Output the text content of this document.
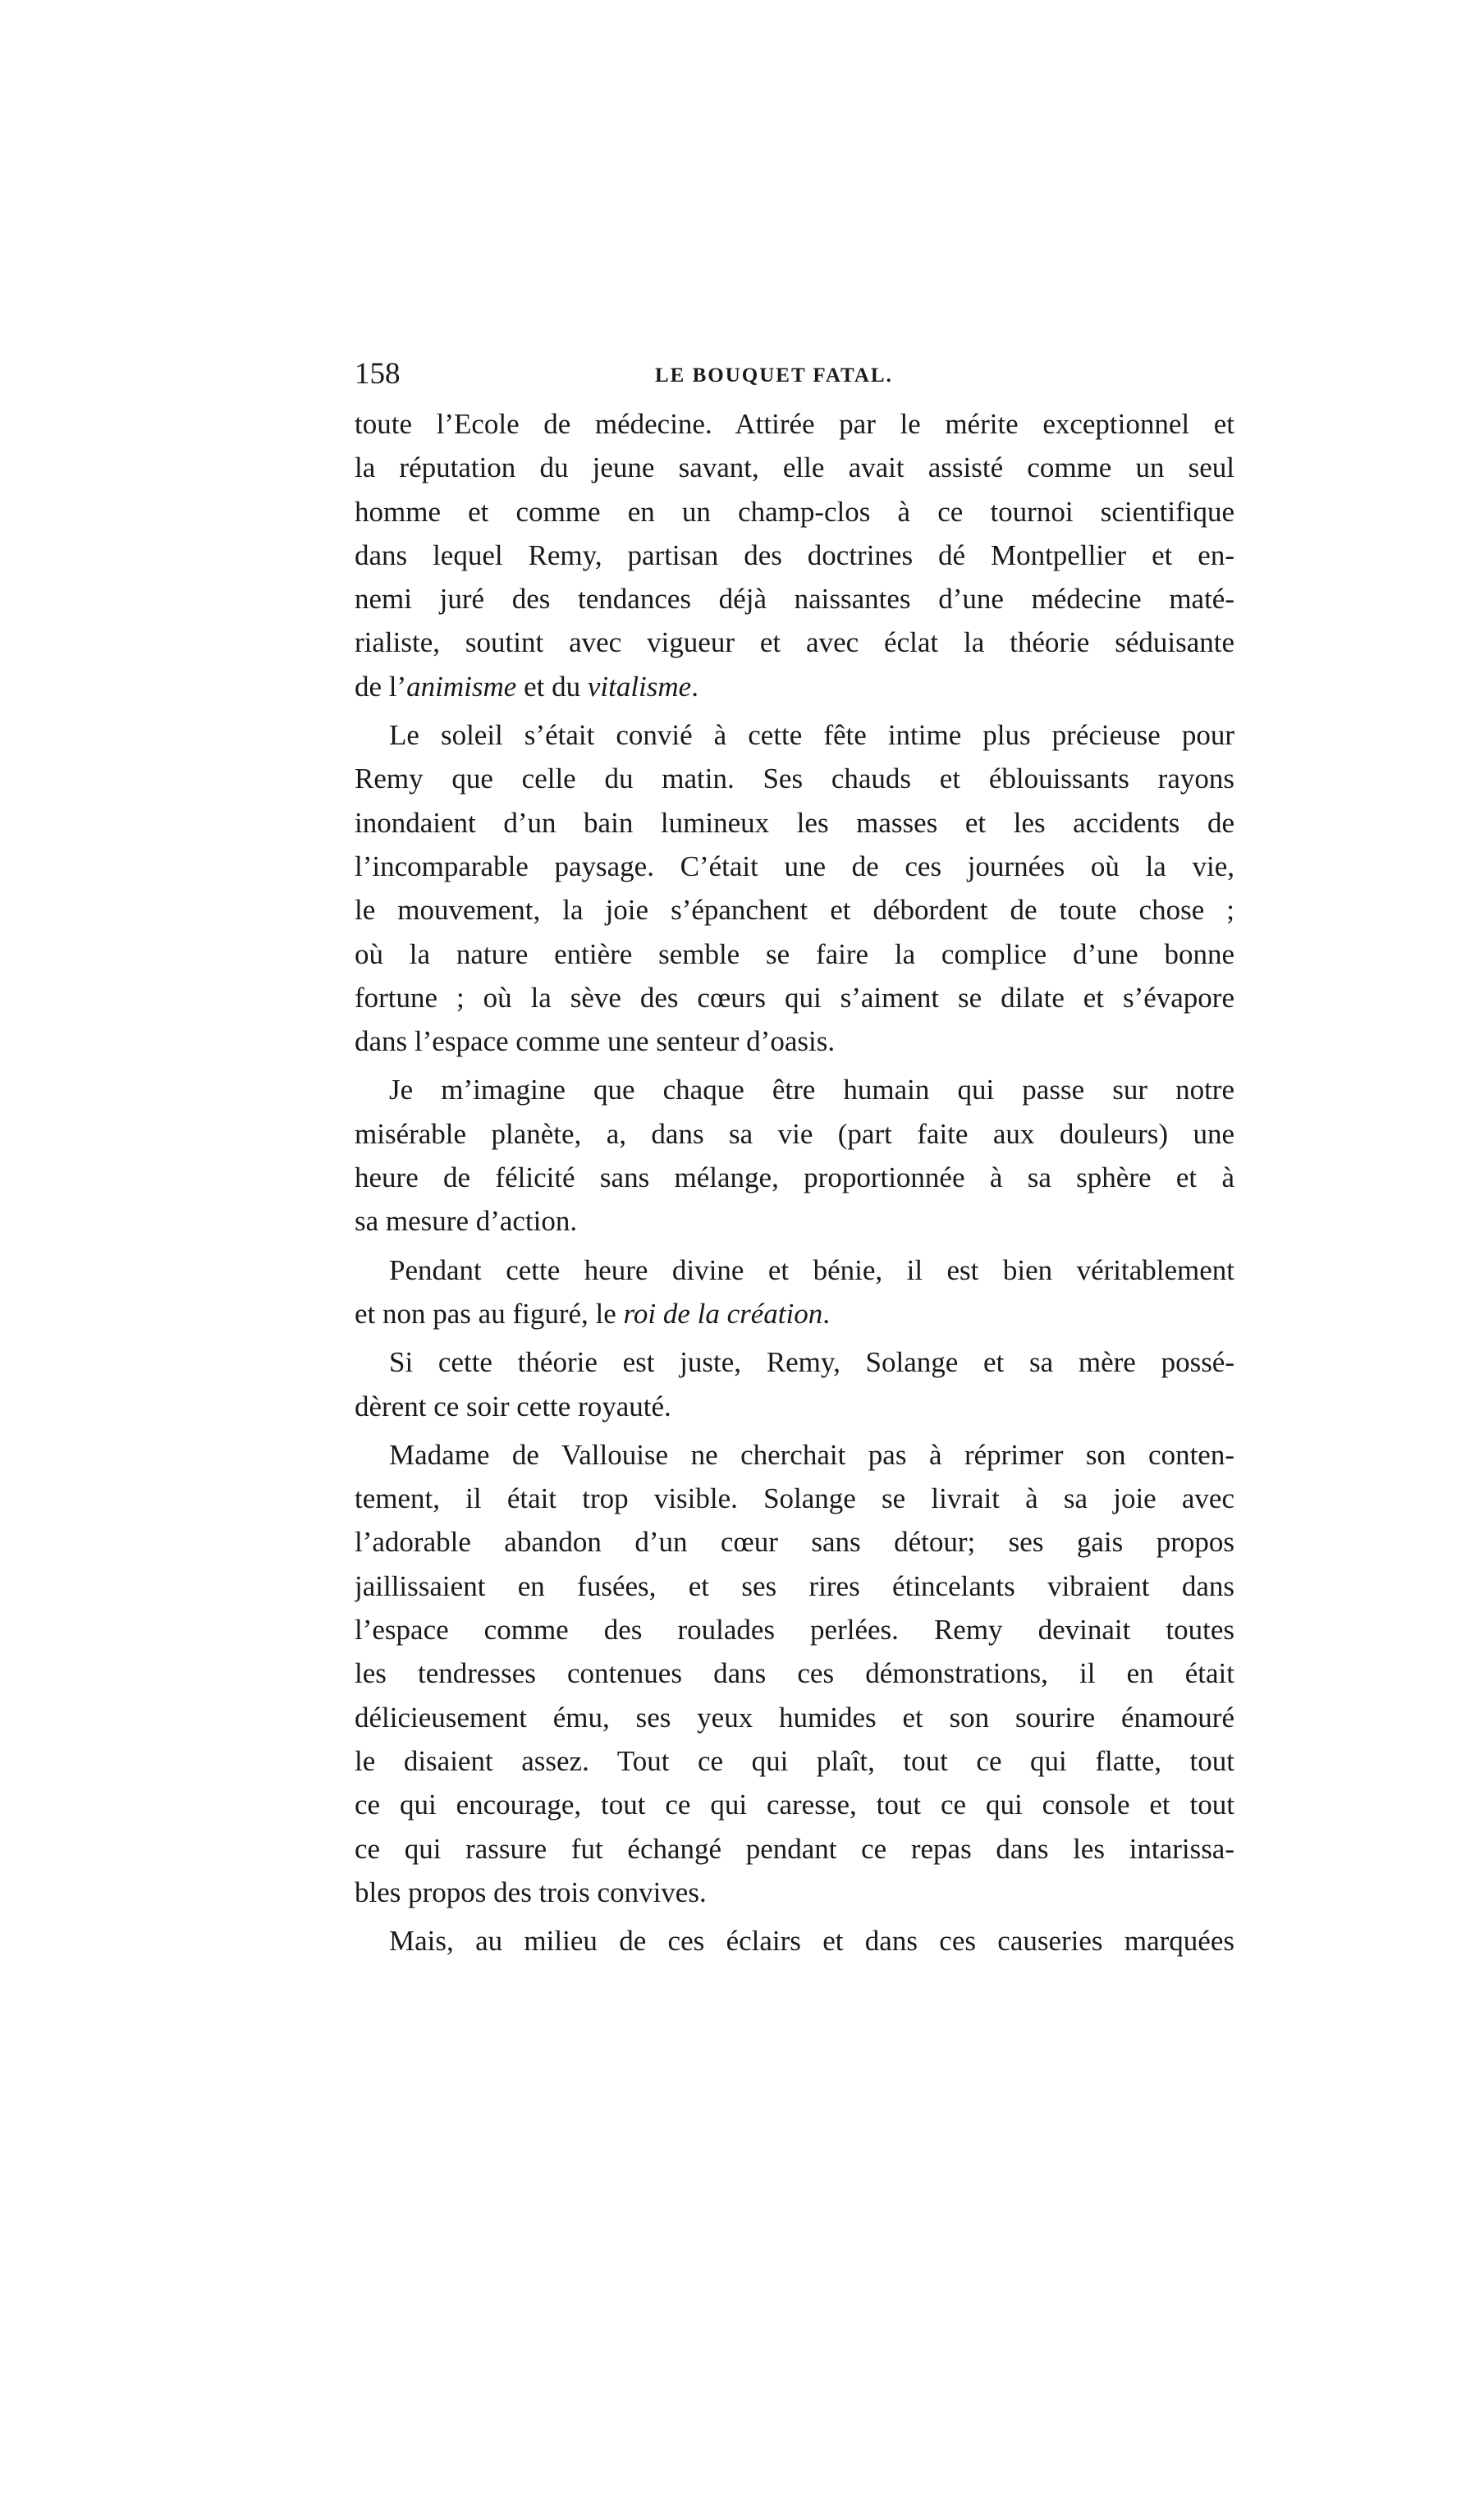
158	LE BOUQUET FATAL.
toute l’Ecole de médecine. Attirée par le mérite exceptionnel et
la réputation du jeune savant, elle avait assisté comme un seul
homme et comme en un champ-clos à ce tournoi scientifique
dans lequel Remy, partisan des doctrines dé Montpellier et en-
nemi juré des tendances déjà naissantes d’une médecine maté-
rialiste, soutint avec vigueur et avec éclat la théorie séduisante
de l’animisme et du vitalisme.
Le soleil s’était convié à cette fête intime plus précieuse pour
Remy que celle du matin. Ses chauds et éblouissants rayons
inondaient d’un bain lumineux les masses et les accidents de
l’incomparable paysage. C’était une de ces journées où la vie,
le mouvement, la joie s’épanchent et débordent de toute chose ;
où la nature entière semble se faire la complice d’une bonne
fortune ; où la sève des cœurs qui s’aiment se dilate et s’évapore
dans l’espace comme une senteur d’oasis.
Je m’imagine que chaque être humain qui passe sur notre
misérable planète, a, dans sa vie (part faite aux douleurs) une
heure de félicité sans mélange, proportionnée à sa sphère et à
sa mesure d’action.
Pendant cette heure divine et bénie, il est bien véritablement
et non pas au figuré, le roi de la création.
Si cette théorie est juste, Remy, Solange et sa mère possé-
dèrent ce soir cette royauté.
Madame de Vallouise ne cherchait pas à réprimer son conten-
tement, il était trop visible. Solange se livrait à sa joie avec
l’adorable abandon d’un cœur sans détour; ses gais propos
jaillissaient en fusées, et ses rires étincelants vibraient dans
l’espace comme des roulades perlées. Remy devinait toutes
les tendresses contenues dans ces démonstrations, il en était
délicieusement ému, ses yeux humides et son sourire énamouré
le disaient assez. Tout ce qui plaît, tout ce qui flatte, tout
ce qui encourage, tout ce qui caresse, tout ce qui console et tout
ce qui rassure fut échangé pendant ce repas dans les intarissa-
bles propos des trois convives.
Mais, au milieu de ces éclairs et dans ces causeries marquées
